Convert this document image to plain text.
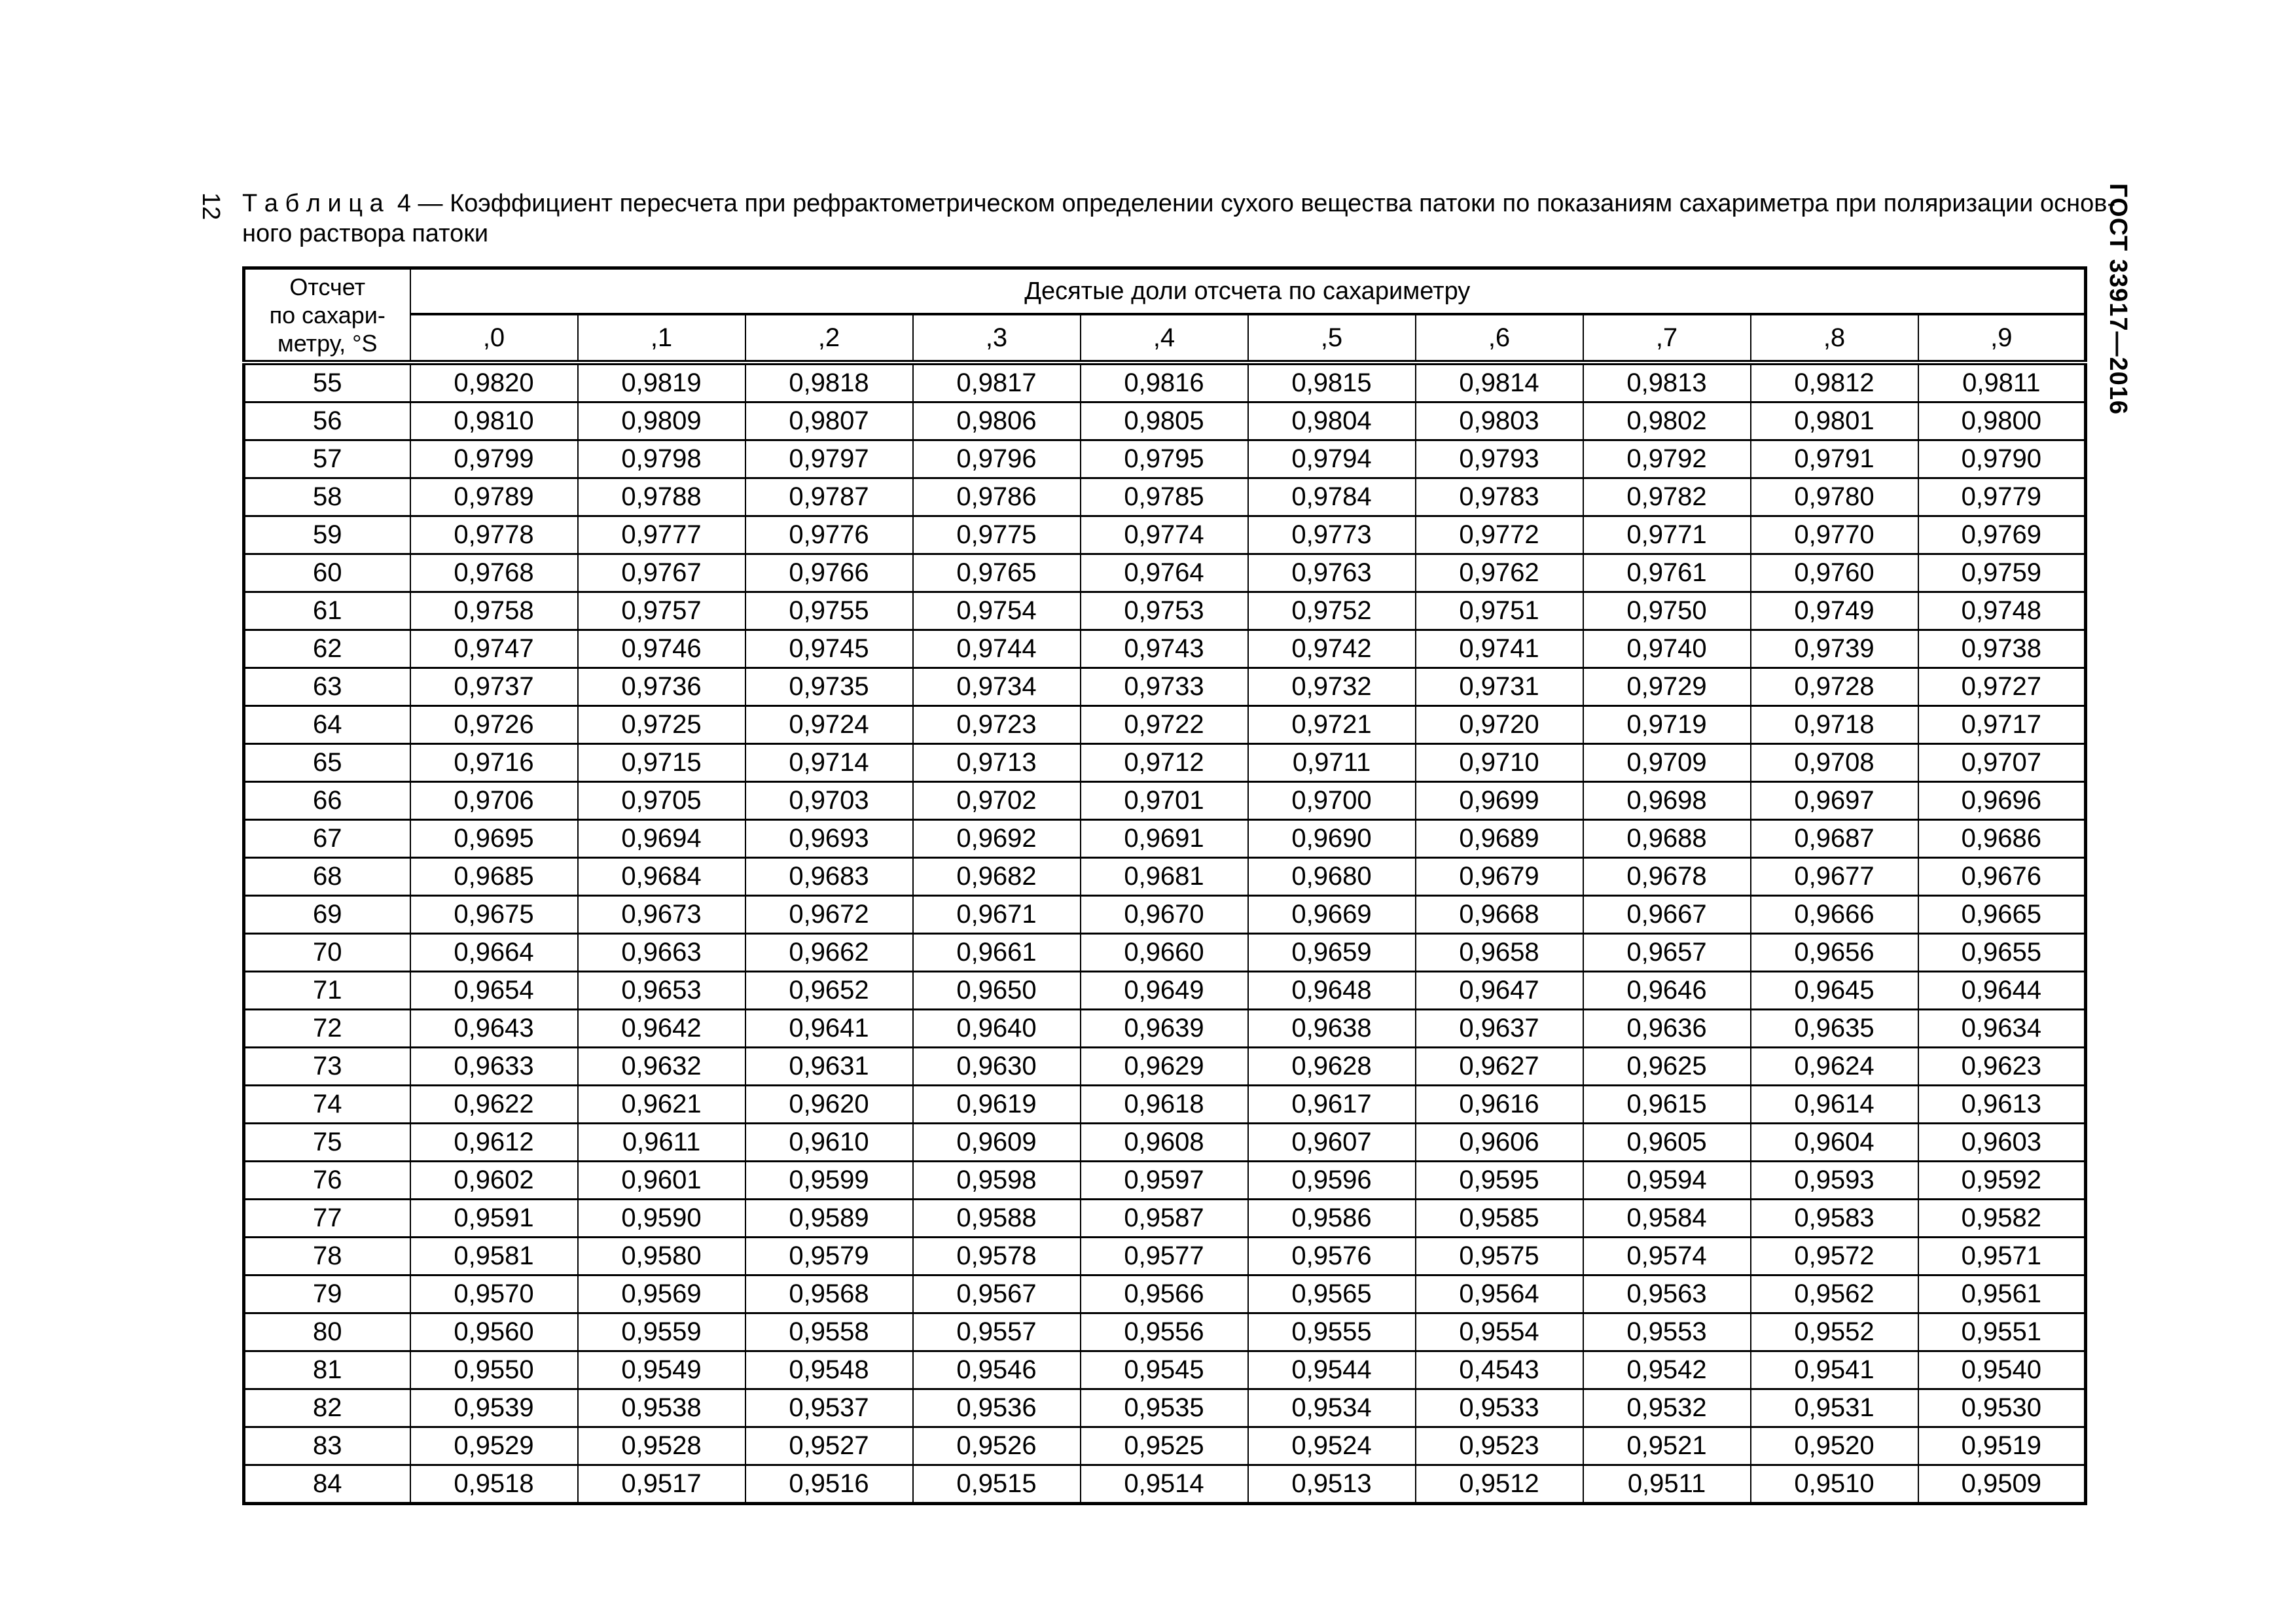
12	ГОСТ 33917—2016
Т а б л и ц а  4 — Коэффициент пересчета при рефрактометрическом определении сухого вещества патоки по показаниям сахариметра при поляризации основ-
ного раствора патоки
Отсчет
по сахари-
метру, °S	Десятые доли отсчета по сахариметру									
	,0	,1	,2	,3	,4	,5	,6	,7	,8	,9
55	0,9820	0,9819	0,9818	0,9817	0,9816	0,9815	0,9814	0,9813	0,9812	0,9811
56	0,9810	0,9809	0,9807	0,9806	0,9805	0,9804	0,9803	0,9802	0,9801	0,9800
57	0,9799	0,9798	0,9797	0,9796	0,9795	0,9794	0,9793	0,9792	0,9791	0,9790
58	0,9789	0,9788	0,9787	0,9786	0,9785	0,9784	0,9783	0,9782	0,9780	0,9779
59	0,9778	0,9777	0,9776	0,9775	0,9774	0,9773	0,9772	0,9771	0,9770	0,9769
60	0,9768	0,9767	0,9766	0,9765	0,9764	0,9763	0,9762	0,9761	0,9760	0,9759
61	0,9758	0,9757	0,9755	0,9754	0,9753	0,9752	0,9751	0,9750	0,9749	0,9748
62	0,9747	0,9746	0,9745	0,9744	0,9743	0,9742	0,9741	0,9740	0,9739	0,9738
63	0,9737	0,9736	0,9735	0,9734	0,9733	0,9732	0,9731	0,9729	0,9728	0,9727
64	0,9726	0,9725	0,9724	0,9723	0,9722	0,9721	0,9720	0,9719	0,9718	0,9717
65	0,9716	0,9715	0,9714	0,9713	0,9712	0,9711	0,9710	0,9709	0,9708	0,9707
66	0,9706	0,9705	0,9703	0,9702	0,9701	0,9700	0,9699	0,9698	0,9697	0,9696
67	0,9695	0,9694	0,9693	0,9692	0,9691	0,9690	0,9689	0,9688	0,9687	0,9686
68	0,9685	0,9684	0,9683	0,9682	0,9681	0,9680	0,9679	0,9678	0,9677	0,9676
69	0,9675	0,9673	0,9672	0,9671	0,9670	0,9669	0,9668	0,9667	0,9666	0,9665
70	0,9664	0,9663	0,9662	0,9661	0,9660	0,9659	0,9658	0,9657	0,9656	0,9655
71	0,9654	0,9653	0,9652	0,9650	0,9649	0,9648	0,9647	0,9646	0,9645	0,9644
72	0,9643	0,9642	0,9641	0,9640	0,9639	0,9638	0,9637	0,9636	0,9635	0,9634
73	0,9633	0,9632	0,9631	0,9630	0,9629	0,9628	0,9627	0,9625	0,9624	0,9623
74	0,9622	0,9621	0,9620	0,9619	0,9618	0,9617	0,9616	0,9615	0,9614	0,9613
75	0,9612	0,9611	0,9610	0,9609	0,9608	0,9607	0,9606	0,9605	0,9604	0,9603
76	0,9602	0,9601	0,9599	0,9598	0,9597	0,9596	0,9595	0,9594	0,9593	0,9592
77	0,9591	0,9590	0,9589	0,9588	0,9587	0,9586	0,9585	0,9584	0,9583	0,9582
78	0,9581	0,9580	0,9579	0,9578	0,9577	0,9576	0,9575	0,9574	0,9572	0,9571
79	0,9570	0,9569	0,9568	0,9567	0,9566	0,9565	0,9564	0,9563	0,9562	0,9561
80	0,9560	0,9559	0,9558	0,9557	0,9556	0,9555	0,9554	0,9553	0,9552	0,9551
81	0,9550	0,9549	0,9548	0,9546	0,9545	0,9544	0,4543	0,9542	0,9541	0,9540
82	0,9539	0,9538	0,9537	0,9536	0,9535	0,9534	0,9533	0,9532	0,9531	0,9530
83	0,9529	0,9528	0,9527	0,9526	0,9525	0,9524	0,9523	0,9521	0,9520	0,9519
84	0,9518	0,9517	0,9516	0,9515	0,9514	0,9513	0,9512	0,9511	0,9510	0,9509
